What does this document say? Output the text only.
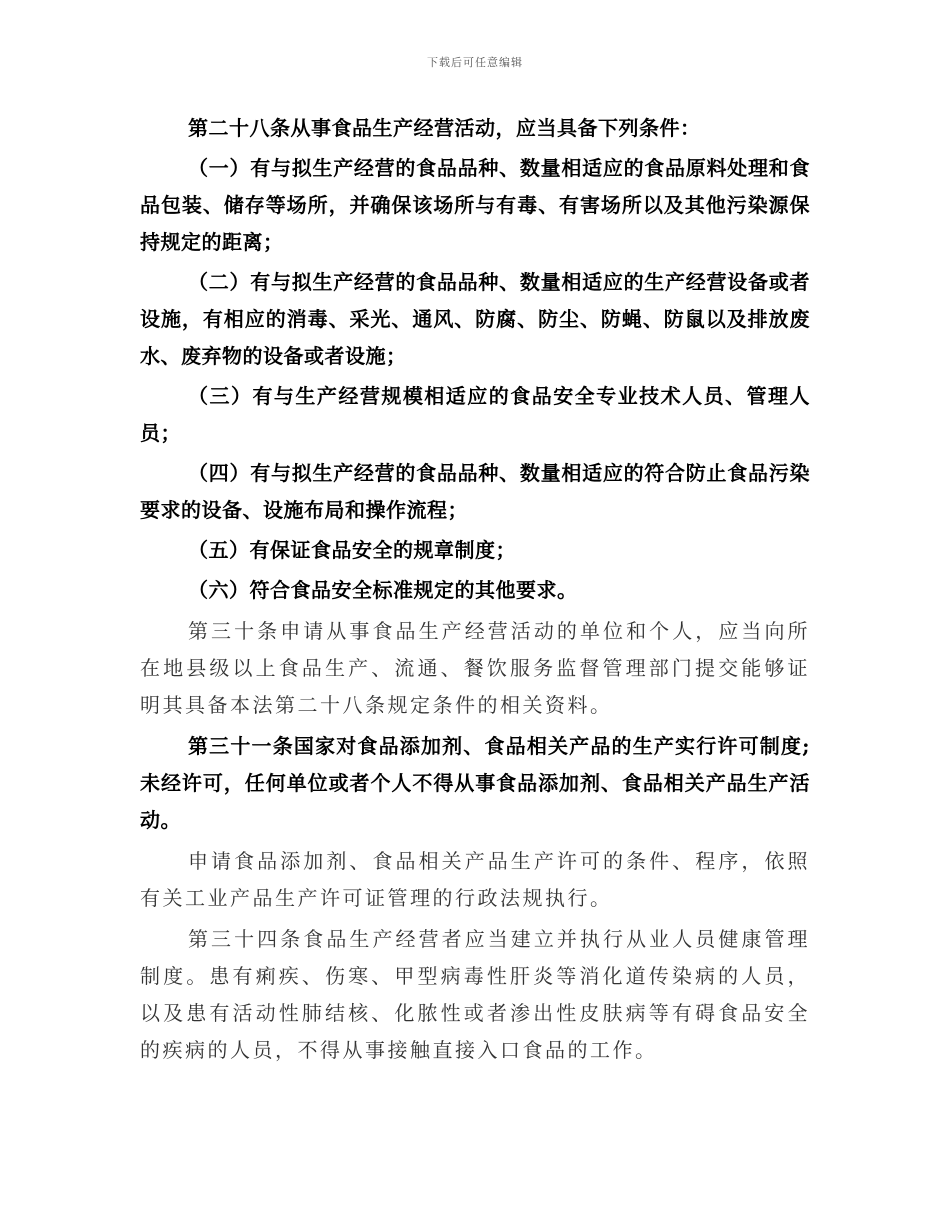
下载后可任意编辑

第二十八条从事食品生产经营活动，应当具备下列条件：

（一）有与拟生产经营的食品品种、数量相适应的食品原料处理和食品包装、储存等场所，并确保该场所与有毒、有害场所以及其他污染源保持规定的距离；

（二）有与拟生产经营的食品品种、数量相适应的生产经营设备或者设施，有相应的消毒、采光、通风、防腐、防尘、防蝇、防鼠以及排放废水、废弃物的设备或者设施；

（三）有与生产经营规模相适应的食品安全专业技术人员、管理人员；

（四）有与拟生产经营的食品品种、数量相适应的符合防止食品污染要求的设备、设施布局和操作流程；

（五）有保证食品安全的规章制度；

（六）符合食品安全标准规定的其他要求。

第三十条申请从事食品生产经营活动的单位和个人，应当向所在地县级以上食品生产、流通、餐饮服务监督管理部门提交能够证明其具备本法第二十八条规定条件的相关资料。

第三十一条国家对食品添加剂、食品相关产品的生产实行许可制度;未经许可，任何单位或者个人不得从事食品添加剂、食品相关产品生产活动。

申请食品添加剂、食品相关产品生产许可的条件、程序，依照有关工业产品生产许可证管理的行政法规执行。

第三十四条食品生产经营者应当建立并执行从业人员健康管理制度。患有痢疾、伤寒、甲型病毒性肝炎等消化道传染病的人员，以及患有活动性肺结核、化脓性或者渗出性皮肤病等有碍食品安全的疾病的人员，不得从事接触直接入口食品的工作。
